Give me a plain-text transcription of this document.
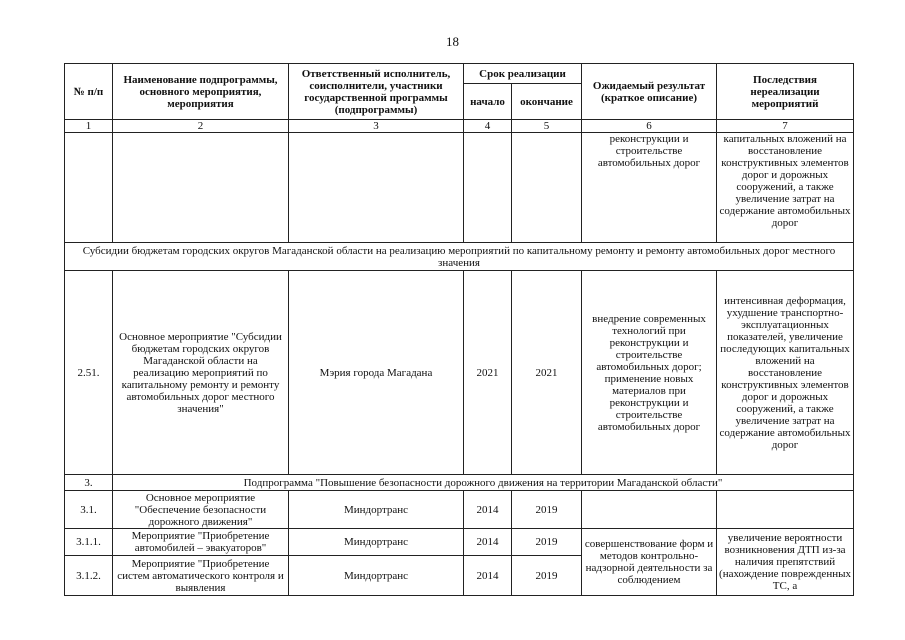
18
№ п/п	Наименование подпрограммы, основного мероприятия, мероприятия	Ответственный исполнитель, соисполнители, участники государственной программы (подпрограммы)	Срок реализации		Ожидаемый результат (краткое описание)	Последствия нереализации мероприятий
			начало	окончание		
1	2	3	4	5	6	7
					реконструкции и строительстве автомобильных дорог	капитальных вложений на восстановление конструктивных элементов дорог и дорожных сооружений, а также увеличение затрат на содержание автомобильных дорог
Субсидии бюджетам городских округов Магаданской области на реализацию мероприятий по капитальному ремонту и ремонту автомобильных дорог местного значения						
2.51.	Основное мероприятие "Субсидии бюджетам городских округов Магаданской области на реализацию мероприятий по капитальному ремонту и ремонту автомобильных дорог местного значения"	Мэрия города Магадана	2021	2021	внедрение современных технологий при реконструкции и строительстве автомобильных дорог; применение новых материалов при реконструкции и строительстве автомобильных дорог	интенсивная деформация, ухудшение транспортно-эксплуатационных показателей, увеличение последующих капитальных вложений на восстановление конструктивных элементов дорог и дорожных сооружений, а также увеличение затрат на содержание автомобильных дорог
3.	Подпрограмма "Повышение безопасности дорожного движения на территории Магаданской области"					
3.1.	Основное мероприятие "Обеспечение безопасности дорожного движения"	Миндортранс	2014	2019		
3.1.1.	Мероприятие "Приобретение автомобилей – эвакуаторов"	Миндортранс	2014	2019	совершенствование форм и методов контрольно-надзорной деятельности за соблюдением	увеличение вероятности возникновения ДТП из-за наличия препятствий (нахождение поврежденных ТС, а
3.1.2.	Мероприятие "Приобретение систем автоматического контроля и выявления	Миндортранс	2014	2019		
